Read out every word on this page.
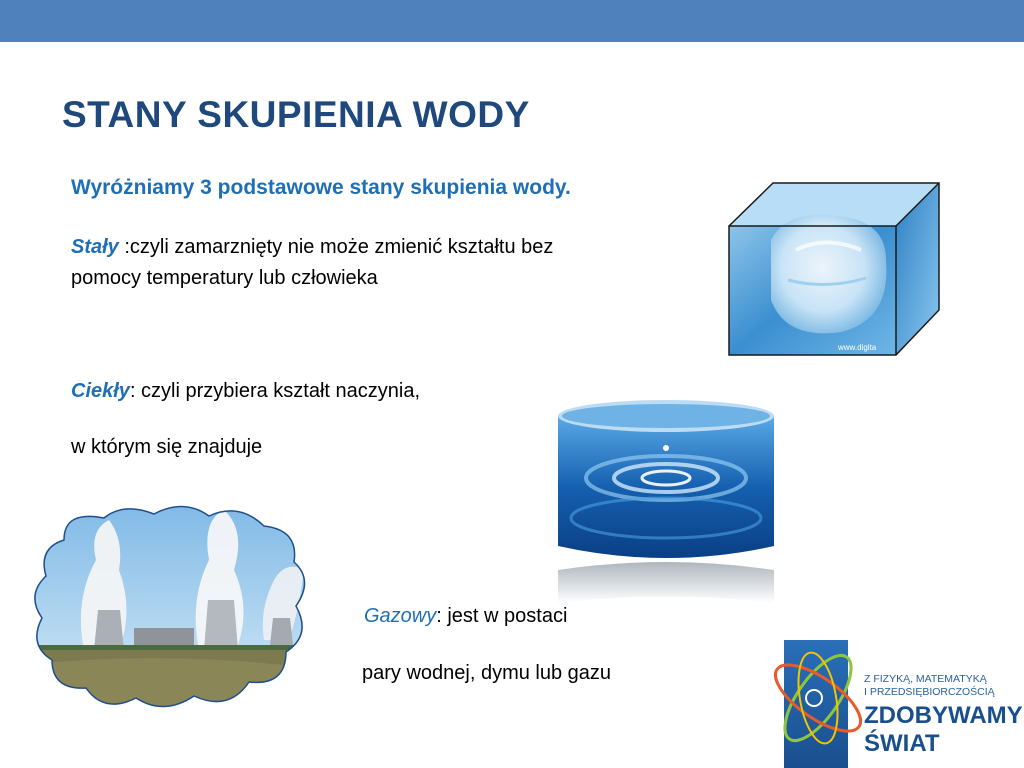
STANY SKUPIENIA WODY
Wyróżniamy 3 podstawowe stany skupienia wody.
Stały :czyli zamarznięty nie może zmienić kształtu bez
pomocy temperatury lub człowieka
Ciekły: czyli przybiera kształt naczynia,
w którym się znajduje
Gazowy: jest w postaci
pary wodnej, dymu lub gazu
www.digita
Z FIZYKĄ, MATEMATYKĄ
I PRZEDSIĘBIORCZOŚCIĄ
ZDOBYWAMY
ŚWIAT
